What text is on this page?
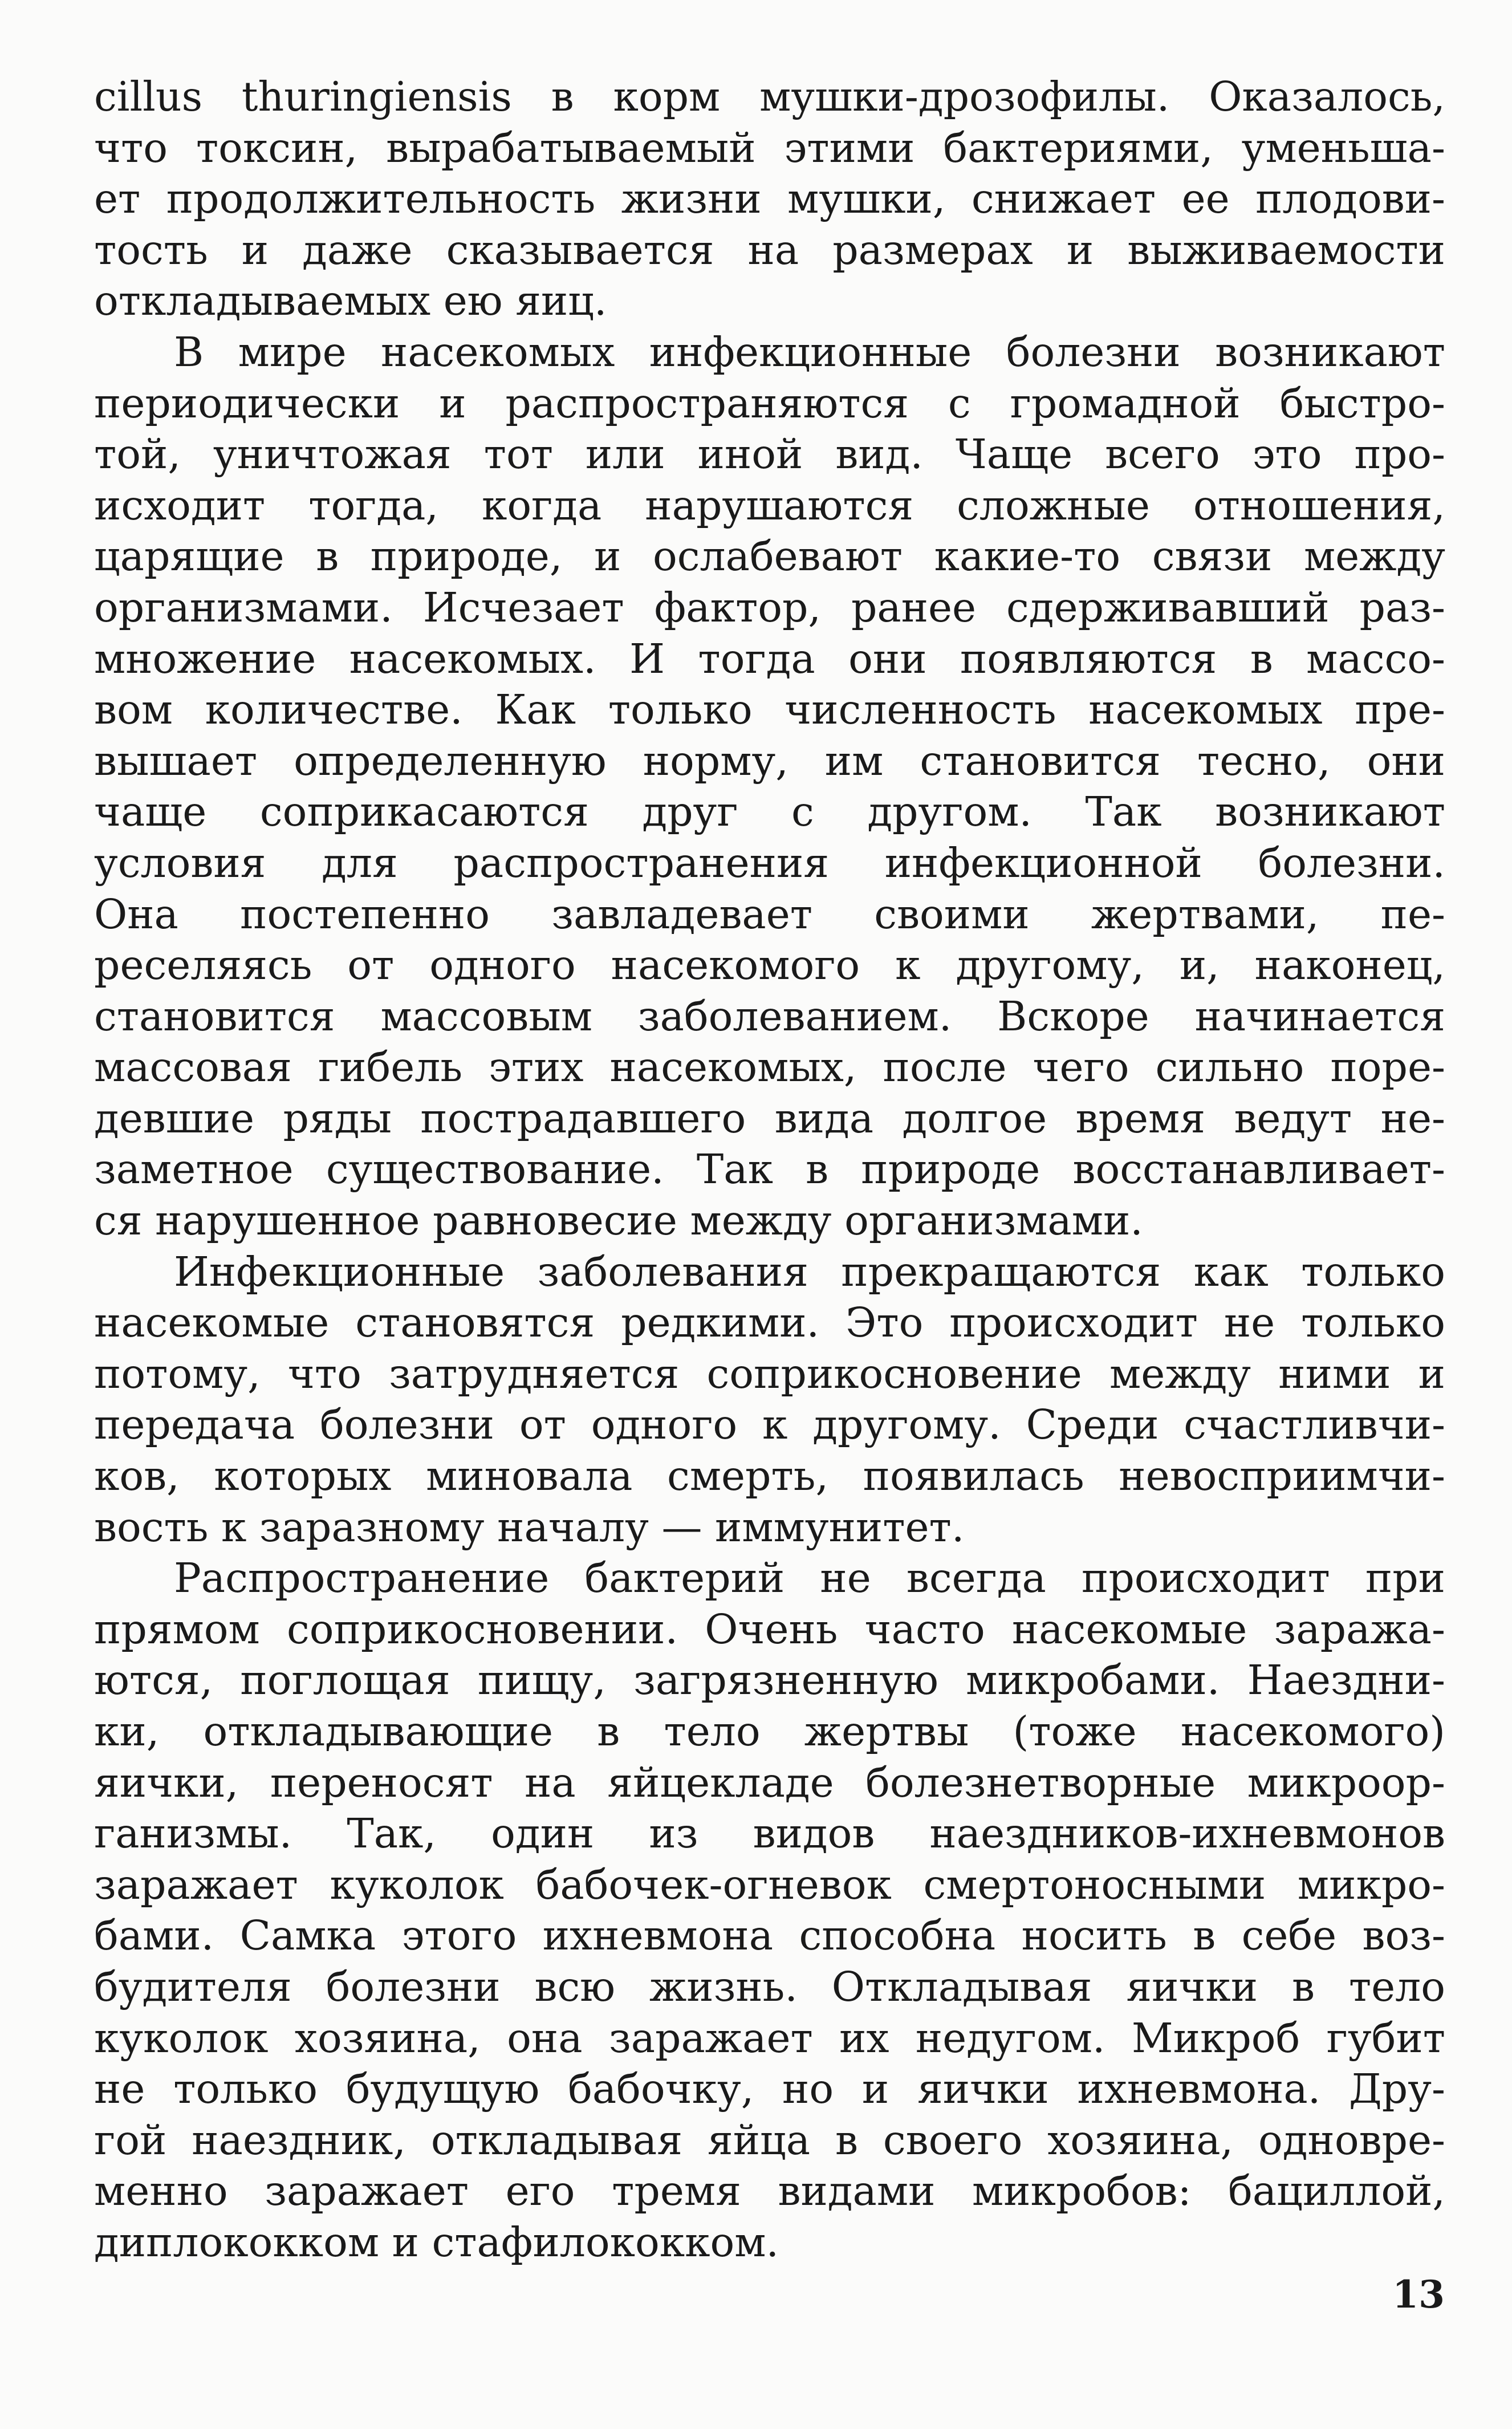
cillus thuringiensis в корм мушки-дрозофилы. Оказалось,
что токсин, вырабатываемый этими бактериями, уменьша-
ет продолжительность жизни мушки, снижает ее плодови-
тость и даже сказывается на размерах и выживаемости
откладываемых ею яиц.
В мире насекомых инфекционные болезни возникают
периодически и распространяются с громадной быстро-
той, уничтожая тот или иной вид. Чаще всего это про-
исходит тогда, когда нарушаются сложные отношения,
царящие в природе, и ослабевают какие-то связи между
организмами. Исчезает фактор, ранее сдерживавший раз-
множение насекомых. И тогда они появляются в массо-
вом количестве. Как только численность насекомых пре-
вышает определенную норму, им становится тесно, они
чаще соприкасаются друг с другом. Так возникают
условия для распространения инфекционной болезни.
Она постепенно завладевает своими жертвами, пе-
реселяясь от одного насекомого к другому, и, наконец,
становится массовым заболеванием. Вскоре начинается
массовая гибель этих насекомых, после чего сильно поре-
девшие ряды пострадавшего вида долгое время ведут не-
заметное существование. Так в природе восстанавливает-
ся нарушенное равновесие между организмами.
Инфекционные заболевания прекращаются как только
насекомые становятся редкими. Это происходит не только
потому, что затрудняется соприкосновение между ними и
передача болезни от одного к другому. Среди счастливчи-
ков, которых миновала смерть, появилась невосприимчи-
вость к заразному началу — иммунитет.
Распространение бактерий не всегда происходит при
прямом соприкосновении. Очень часто насекомые заража-
ются, поглощая пищу, загрязненную микробами. Наездни-
ки, откладывающие в тело жертвы (тоже насекомого)
яички, переносят на яйцекладе болезнетворные микроор-
ганизмы. Так, один из видов наездников-ихневмонов
заражает куколок бабочек-огневок смертоносными микро-
бами. Самка этого ихневмона способна носить в себе воз-
будителя болезни всю жизнь. Откладывая яички в тело
куколок хозяина, она заражает их недугом. Микроб губит
не только будущую бабочку, но и яички ихневмона. Дру-
гой наездник, откладывая яйца в своего хозяина, одновре-
менно заражает его тремя видами микробов: бациллой,
диплококком и стафилококком.
13
